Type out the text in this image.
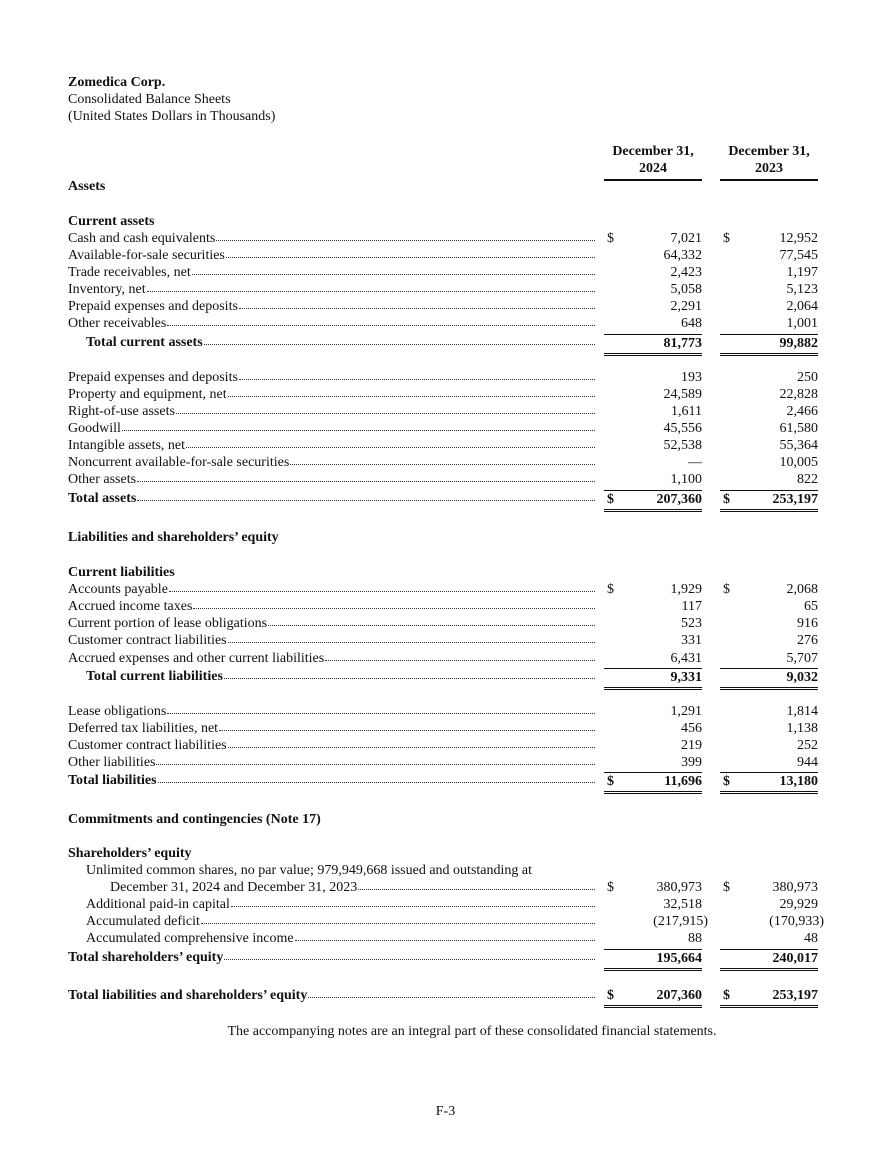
Zomedica Corp.
Consolidated Balance Sheets
(United States Dollars in Thousands)
December 31,
2024
December 31,
2023
Assets
Current assets
Liabilities and shareholders’ equity
Current liabilities
Commitments and contingencies (Note 17)
Shareholders’ equity
Cash and cash equivalents	$	7,021 $	12,952
Available-for-sale securities	64,332	77,545
Trade receivables, net	2,423	1,197
Inventory, net	5,058	5,123
Prepaid expenses and deposits	2,291	2,064
Other receivables	648	1,001
Total current assets	81,773	99,882
Prepaid expenses and deposits	193	250
Property and equipment, net	24,589	22,828
Right-of-use assets	1,611	2,466
Goodwill	45,556	61,580
Intangible assets, net	52,538	55,364
Noncurrent available-for-sale securities	—	10,005
Other assets	1,100	822
Total assets	$	207,360 $	253,197
Accounts payable	$	1,929 $	2,068
Accrued income taxes	117	65
Current portion of lease obligations	523	916
Customer contract liabilities	331	276
Accrued expenses and other current liabilities	6,431	5,707
Total current liabilities	9,331	9,032
Lease obligations	1,291	1,814
Deferred tax liabilities, net	456	1,138
Customer contract liabilities	219	252
Other liabilities	399	944
Total liabilities	$	11,696 $	13,180
Unlimited common shares, no par value; 979,949,668 issued and outstanding at
December 31, 2024 and December 31, 2023	$	380,973 $	380,973
Additional paid-in capital	32,518	29,929
Accumulated deficit	(217,915)	(170,933)
Accumulated comprehensive income	88	48
Total shareholders’ equity	195,664	240,017
Total liabilities and shareholders’ equity	$	207,360 $	253,197
The accompanying notes are an integral part of these consolidated financial statements.
F-3
